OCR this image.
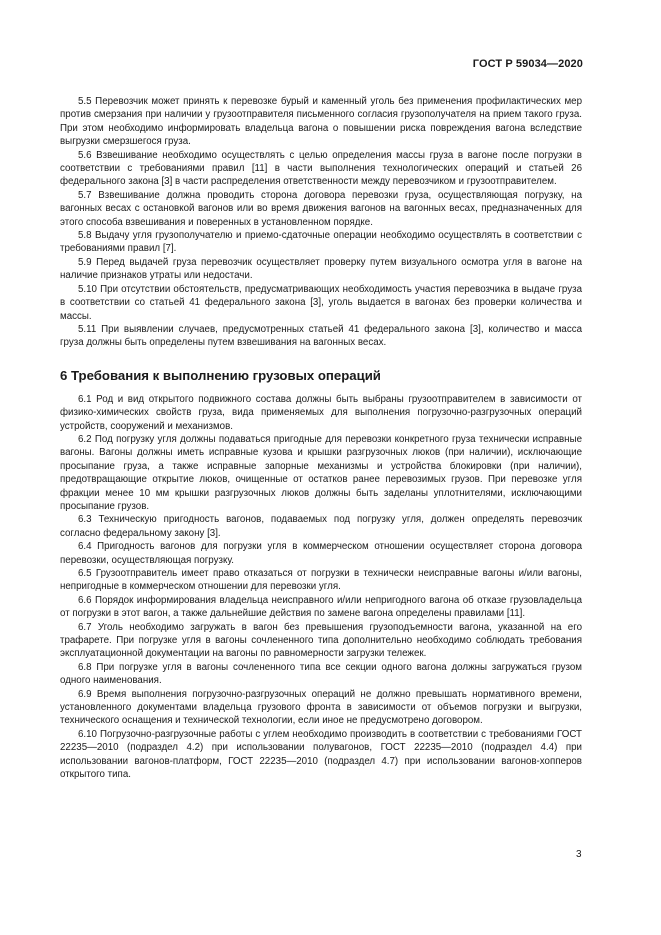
ГОСТ Р 59034—2020

5.5 Перевозчик может принять к перевозке бурый и каменный уголь без применения профилактических мер против смерзания при наличии у грузоотправителя письменного согласия грузополучателя на прием такого груза. При этом необходимо информировать владельца вагона о повышении риска повреждения вагона вследствие выгрузки смерзшегося груза.

5.6 Взвешивание необходимо осуществлять с целью определения массы груза в вагоне после погрузки в соответствии с требованиями правил [11] в части выполнения технологических операций и статьей 26 федерального закона [3] в части распределения ответственности между перевозчиком и грузоотправителем.

5.7 Взвешивание должна проводить сторона договора перевозки груза, осуществляющая погрузку, на вагонных весах с остановкой вагонов или во время движения вагонов на вагонных весах, предназначенных для этого способа взвешивания и поверенных в установленном порядке.

5.8 Выдачу угля грузополучателю и приемо-сдаточные операции необходимо осуществлять в соответствии с требованиями правил [7].

5.9 Перед выдачей груза перевозчик осуществляет проверку путем визуального осмотра угля в вагоне на наличие признаков утраты или недостачи.

5.10 При отсутствии обстоятельств, предусматривающих необходимость участия перевозчика в выдаче груза в соответствии со статьей 41 федерального закона [3], уголь выдается в вагонах без проверки количества и массы.

5.11 При выявлении случаев, предусмотренных статьей 41 федерального закона [3], количество и масса груза должны быть определены путем взвешивания на вагонных весах.

6 Требования к выполнению грузовых операций

6.1 Род и вид открытого подвижного состава должны быть выбраны грузоотправителем в зависимости от физико-химических свойств груза, вида применяемых для выполнения погрузочно-разгрузочных операций устройств, сооружений и механизмов.

6.2 Под погрузку угля должны подаваться пригодные для перевозки конкретного груза технически исправные вагоны. Вагоны должны иметь исправные кузова и крышки разгрузочных люков (при наличии), исключающие просыпание груза, а также исправные запорные механизмы и устройства блокировки (при наличии), предотвращающие открытие люков, очищенные от остатков ранее перевозимых грузов. При перевозке угля фракции менее 10 мм крышки разгрузочных люков должны быть заделаны уплотнителями, исключающими просыпание грузов.

6.3 Техническую пригодность вагонов, подаваемых под погрузку угля, должен определять перевозчик согласно федеральному закону [3].

6.4 Пригодность вагонов для погрузки угля в коммерческом отношении осуществляет сторона договора перевозки, осуществляющая погрузку.

6.5 Грузоотправитель имеет право отказаться от погрузки в технически неисправные вагоны и/или вагоны, непригодные в коммерческом отношении для перевозки угля.

6.6 Порядок информирования владельца неисправного и/или непригодного вагона об отказе грузовладельца от погрузки в этот вагон, а также дальнейшие действия по замене вагона определены правилами [11].

6.7 Уголь необходимо загружать в вагон без превышения грузоподъемности вагона, указанной на его трафарете. При погрузке угля в вагоны сочлененного типа дополнительно необходимо соблюдать требования эксплуатационной документации на вагоны по равномерности загрузки тележек.

6.8 При погрузке угля в вагоны сочлененного типа все секции одного вагона должны загружаться грузом одного наименования.

6.9 Время выполнения погрузочно-разгрузочных операций не должно превышать нормативного времени, установленного документами владельца грузового фронта в зависимости от объемов погрузки и выгрузки, технического оснащения и технической технологии, если иное не предусмотрено договором.

6.10 Погрузочно-разгрузочные работы с углем необходимо производить в соответствии с требованиями ГОСТ 22235—2010 (подраздел 4.2) при использовании полувагонов, ГОСТ 22235—2010 (подраздел 4.4) при использовании вагонов-платформ, ГОСТ 22235—2010 (подраздел 4.7) при использовании вагонов-хопперов открытого типа.

3
